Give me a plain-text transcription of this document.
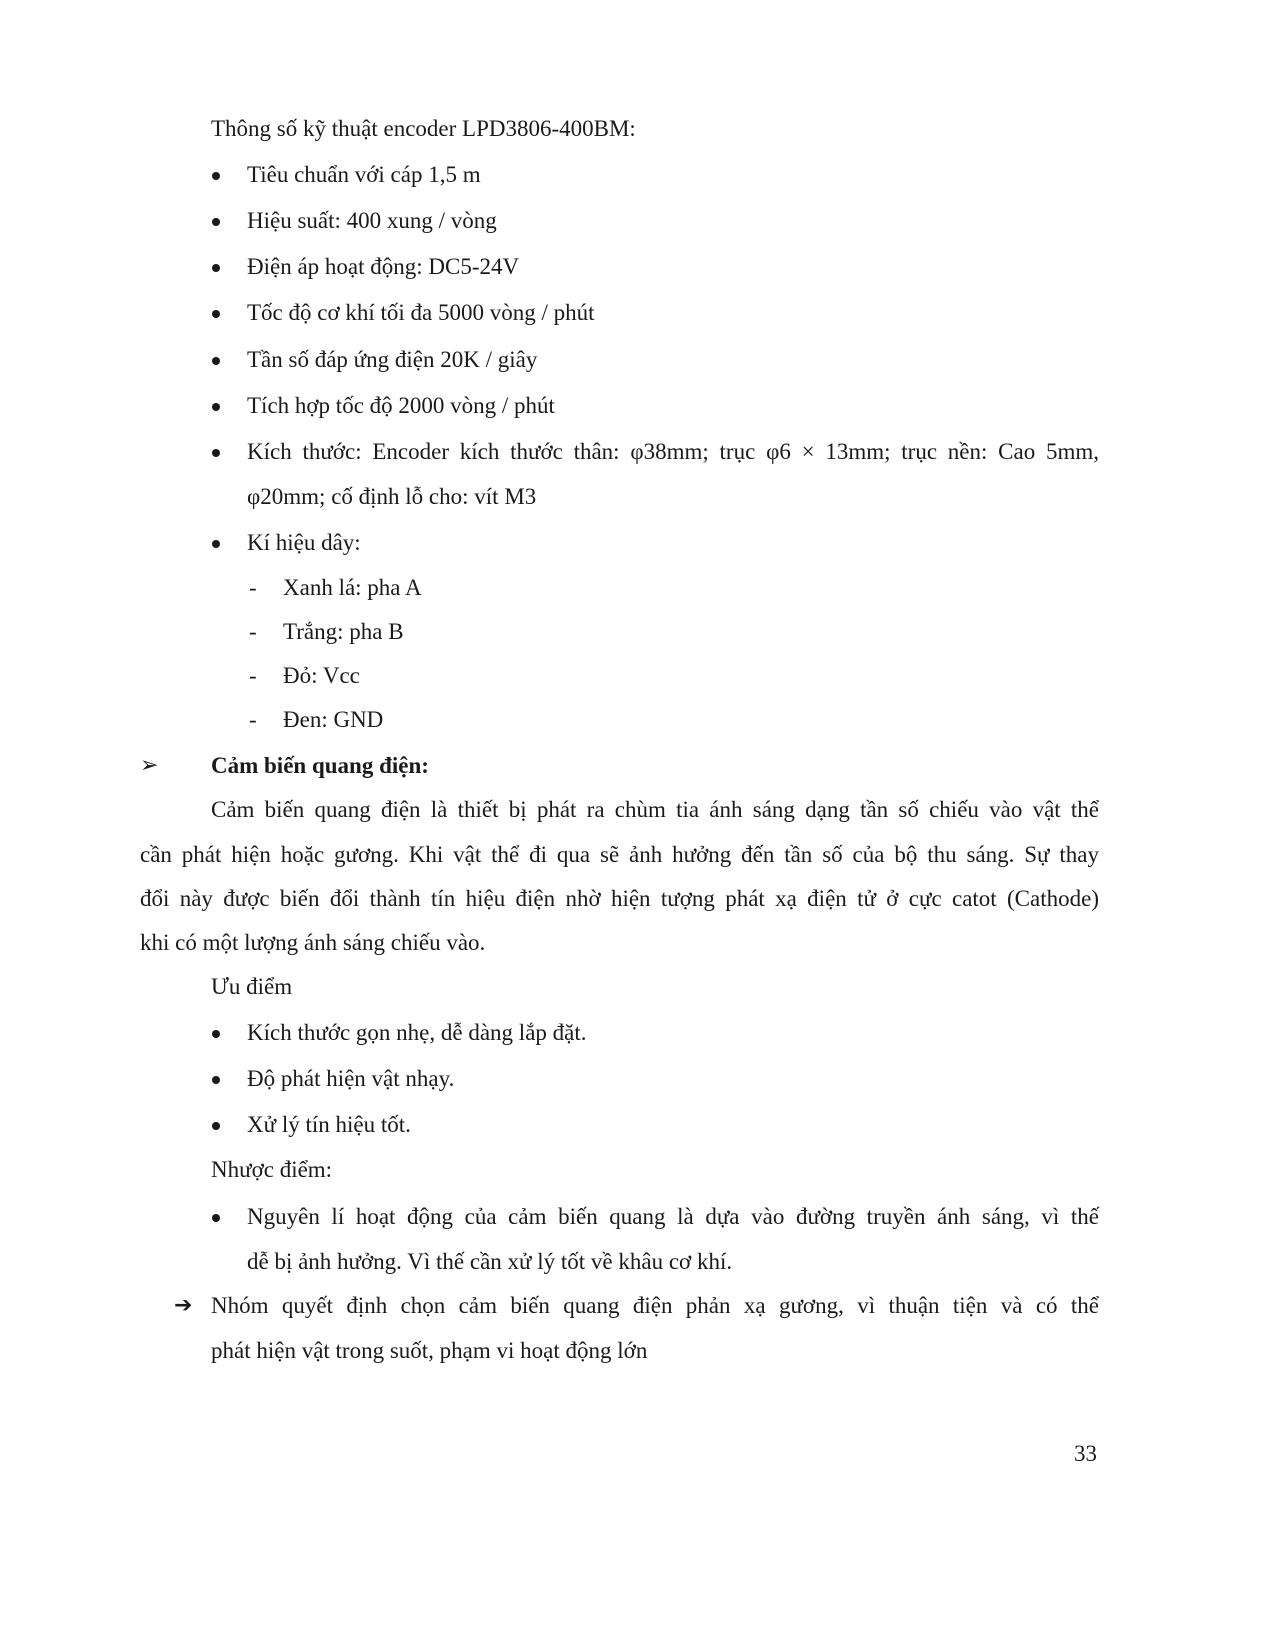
Thông số kỹ thuật encoder LPD3806-400BM:
Tiêu chuẩn với cáp 1,5 m
Hiệu suất: 400 xung / vòng
Điện áp hoạt động: DC5-24V
Tốc độ cơ khí tối đa 5000 vòng / phút
Tần số đáp ứng điện 20K / giây
Tích hợp tốc độ 2000 vòng / phút
Kích thước: Encoder kích thước thân: φ38mm; trục φ6 × 13mm; trục nền: Cao 5mm,
φ20mm; cố định lỗ cho: vít M3
Kí hiệu dây:
- Xanh lá: pha A
- Trắng: pha B
- Đỏ: Vcc
- Đen: GND
➢ Cảm biến quang điện:
Cảm biến quang điện là thiết bị phát ra chùm tia ánh sáng dạng tần số chiếu vào vật thể
cần phát hiện hoặc gương. Khi vật thể đi qua sẽ ảnh hưởng đến tần số của bộ thu sáng. Sự thay
đổi này được biến đổi thành tín hiệu điện nhờ hiện tượng phát xạ điện tử ở cực catot (Cathode)
khi có một lượng ánh sáng chiếu vào.
Ưu điểm
Kích thước gọn nhẹ, dễ dàng lắp đặt.
Độ phát hiện vật nhạy.
Xử lý tín hiệu tốt.
Nhược điểm:
Nguyên lí hoạt động của cảm biến quang là dựa vào đường truyền ánh sáng, vì thế
dễ bị ảnh hưởng. Vì thế cần xử lý tốt về khâu cơ khí.
➔ Nhóm quyết định chọn cảm biến quang điện phản xạ gương, vì thuận tiện và có thể
phát hiện vật trong suốt, phạm vi hoạt động lớn
33
